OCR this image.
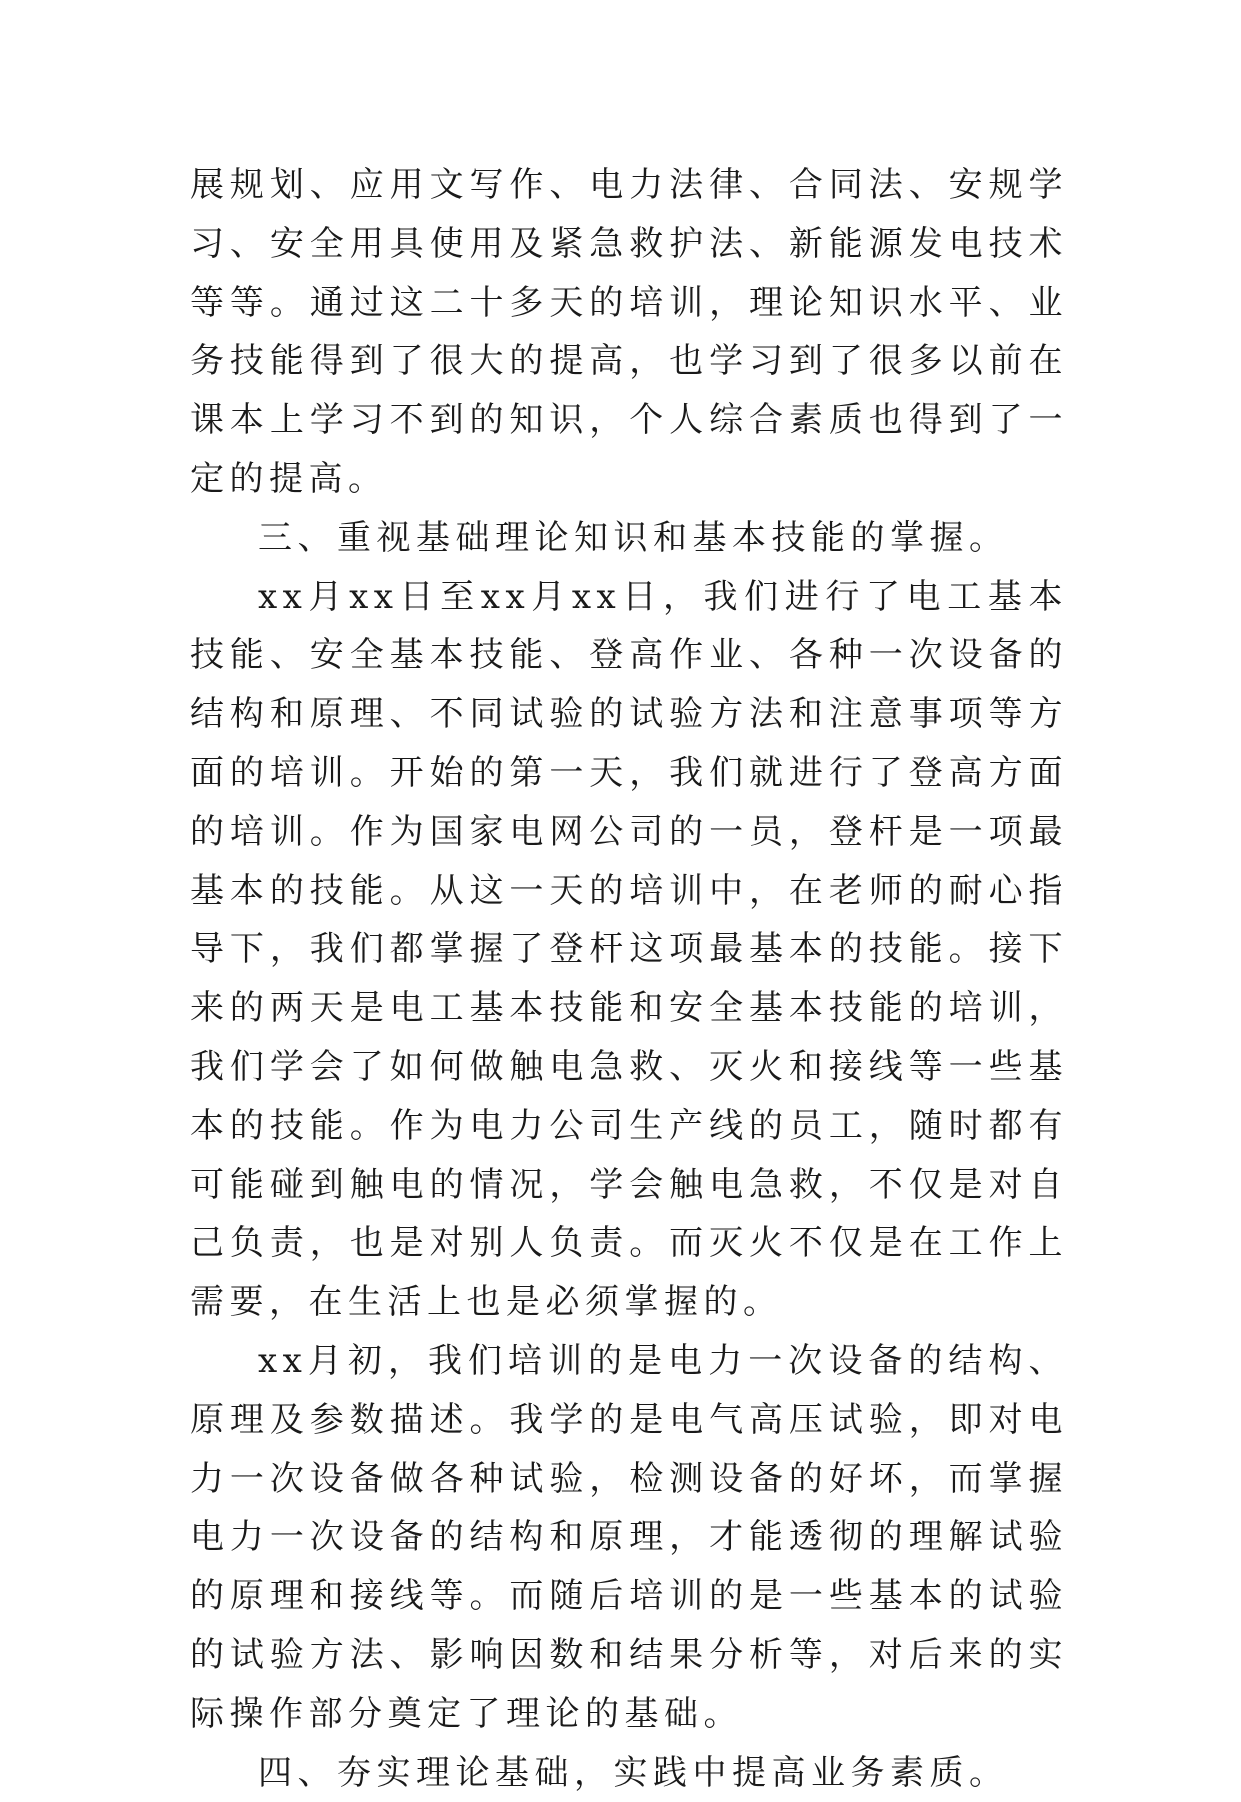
展规划、应用文写作、电力法律、合同法、安规学习、安全用具使用及紧急救护法、新能源发电技术等等。通过这二十多天的培训，理论知识水平、业务技能得到了很大的提高，也学习到了很多以前在课本上学习不到的知识，个人综合素质也得到了一定的提高。

三、重视基础理论知识和基本技能的掌握。

xx月xx日至xx月xx日，我们进行了电工基本技能、安全基本技能、登高作业、各种一次设备的结构和原理、不同试验的试验方法和注意事项等方面的培训。开始的第一天，我们就进行了登高方面的培训。作为国家电网公司的一员，登杆是一项最基本的技能。从这一天的培训中，在老师的耐心指导下，我们都掌握了登杆这项最基本的技能。接下来的两天是电工基本技能和安全基本技能的培训，我们学会了如何做触电急救、灭火和接线等一些基本的技能。作为电力公司生产线的员工，随时都有可能碰到触电的情况，学会触电急救，不仅是对自己负责，也是对别人负责。而灭火不仅是在工作上需要，在生活上也是必须掌握的。

xx月初，我们培训的是电力一次设备的结构、原理及参数描述。我学的是电气高压试验，即对电力一次设备做各种试验，检测设备的好坏，而掌握电力一次设备的结构和原理，才能透彻的理解试验的原理和接线等。而随后培训的是一些基本的试验的试验方法、影响因数和结果分析等，对后来的实际操作部分奠定了理论的基础。

四、夯实理论基础，实践中提高业务素质。
